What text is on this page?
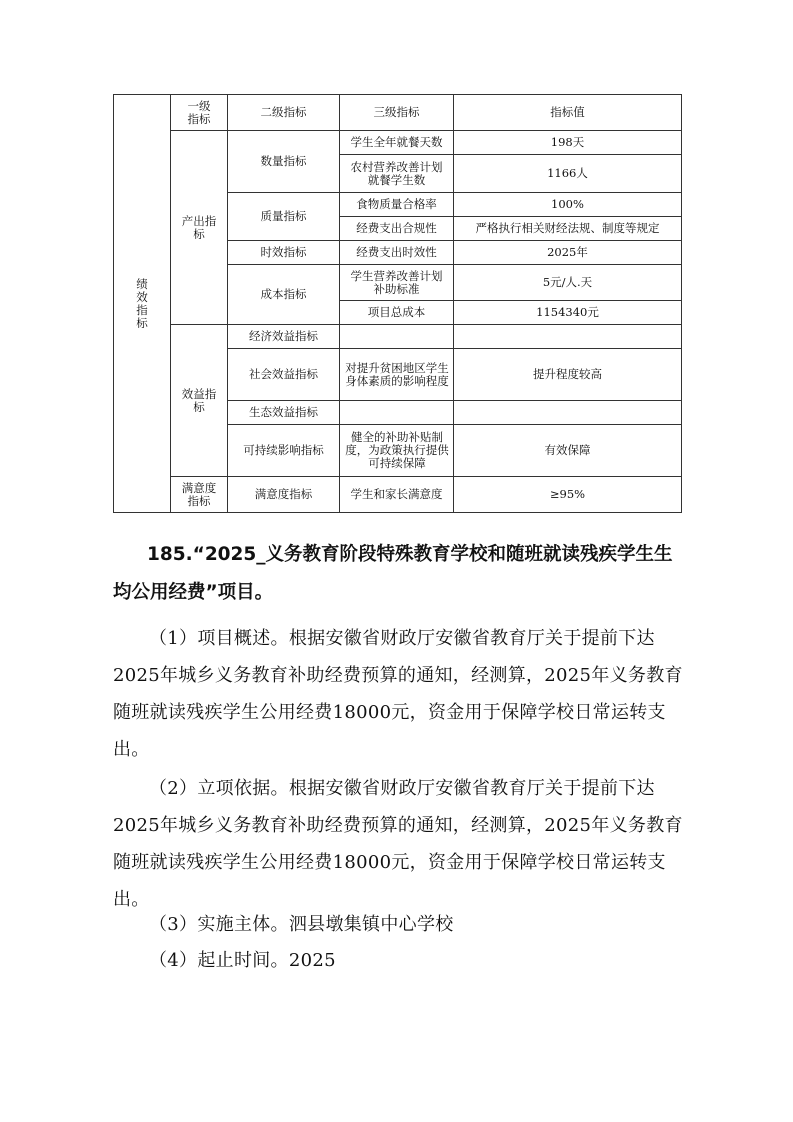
绩效指标	一级指标	二级指标	三级指标	指标值
	产出指标	数量指标	学生全年就餐天数	198天
			农村营养改善计划就餐学生数	1166人
		质量指标	食物质量合格率	100%
			经费支出合规性	严格执行相关财经法规、制度等规定
		时效指标	经费支出时效性	2025年
		成本指标	学生营养改善计划补助标准	5元/人.天
			项目总成本	1154340元
	效益指标	经济效益指标		
		社会效益指标	对提升贫困地区学生身体素质的影响程度	提升程度较高
		生态效益指标		
		可持续影响指标	健全的补助补贴制度，为政策执行提供可持续保障	有效保障
	满意度指标	满意度指标	学生和家长满意度	≥95%

185.“2025_义务教育阶段特殊教育学校和随班就读残疾学生生均公用经费”项目。

（1）项目概述。根据安徽省财政厅安徽省教育厅关于提前下达2025年城乡义务教育补助经费预算的通知，经测算，2025年义务教育随班就读残疾学生公用经费18000元，资金用于保障学校日常运转支出。

（2）立项依据。根据安徽省财政厅安徽省教育厅关于提前下达2025年城乡义务教育补助经费预算的通知，经测算，2025年义务教育随班就读残疾学生公用经费18000元，资金用于保障学校日常运转支出。

（3）实施主体。泗县墩集镇中心学校

（4）起止时间。2025
